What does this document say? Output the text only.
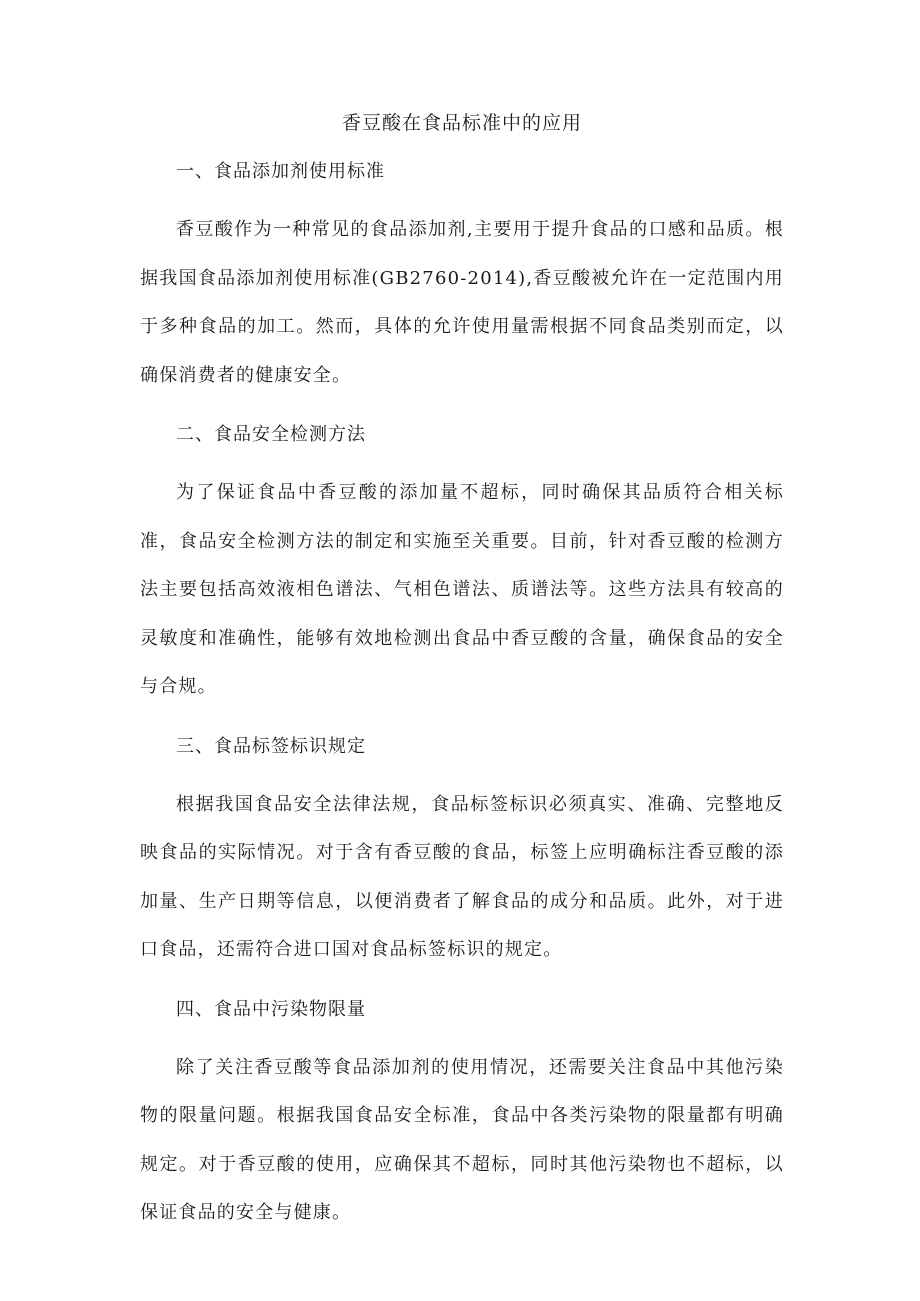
香豆酸在食品标准中的应用
一、食品添加剂使用标准

香豆酸作为一种常见的食品添加剂,主要用于提升食品的口感和品质。根据我国食品添加剂使用标准(GB2760-2014),香豆酸被允许在一定范围内用于多种食品的加工。然而，具体的允许使用量需根据不同食品类别而定，以确保消费者的健康安全。

二、食品安全检测方法

为了保证食品中香豆酸的添加量不超标，同时确保其品质符合相关标准，食品安全检测方法的制定和实施至关重要。目前，针对香豆酸的检测方法主要包括高效液相色谱法、气相色谱法、质谱法等。这些方法具有较高的灵敏度和准确性，能够有效地检测出食品中香豆酸的含量，确保食品的安全与合规。

三、食品标签标识规定

根据我国食品安全法律法规，食品标签标识必须真实、准确、完整地反映食品的实际情况。对于含有香豆酸的食品，标签上应明确标注香豆酸的添加量、生产日期等信息，以便消费者了解食品的成分和品质。此外，对于进口食品，还需符合进口国对食品标签标识的规定。

四、食品中污染物限量

除了关注香豆酸等食品添加剂的使用情况，还需要关注食品中其他污染物的限量问题。根据我国食品安全标准，食品中各类污染物的限量都有明确规定。对于香豆酸的使用，应确保其不超标，同时其他污染物也不超标，以保证食品的安全与健康。
